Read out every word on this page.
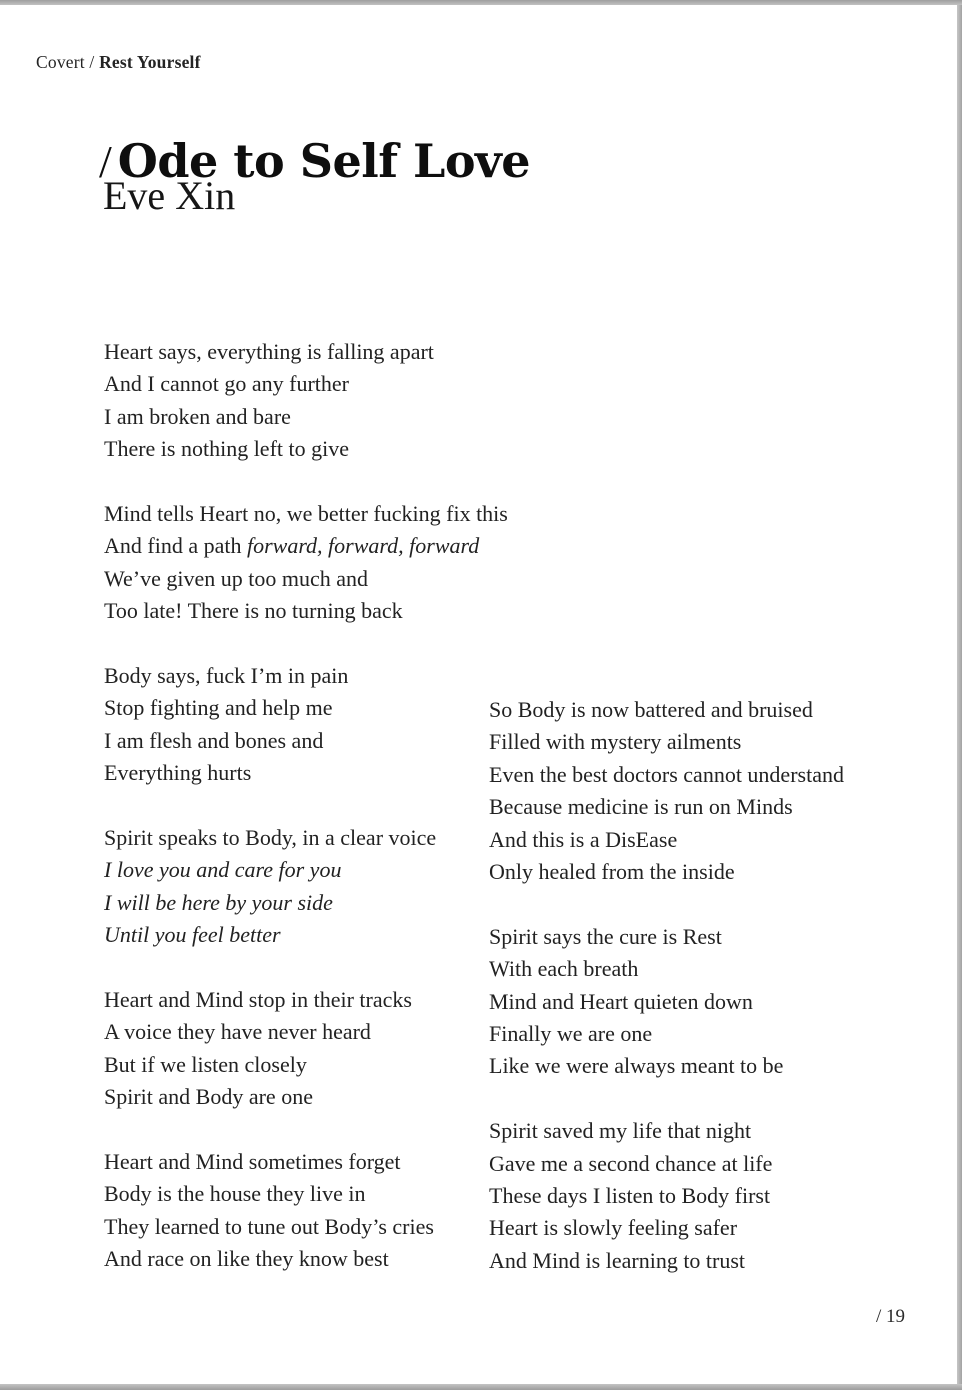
Covert / Rest Yourself
/ Ode to Self Love
Eve Xin

Heart says, everything is falling apart
And I cannot go any further
I am broken and bare
There is nothing left to give

Mind tells Heart no, we better fucking fix this
And find a path forward, forward, forward
We’ve given up too much and
Too late! There is no turning back

Body says, fuck I’m in pain
Stop fighting and help me
I am flesh and bones and
Everything hurts

Spirit speaks to Body, in a clear voice
I love you and care for you
I will be here by your side
Until you feel better

Heart and Mind stop in their tracks
A voice they have never heard
But if we listen closely
Spirit and Body are one

Heart and Mind sometimes forget
Body is the house they live in
They learned to tune out Body’s cries
And race on like they know best

So Body is now battered and bruised
Filled with mystery ailments
Even the best doctors cannot understand
Because medicine is run on Minds
And this is a DisEase
Only healed from the inside

Spirit says the cure is Rest
With each breath
Mind and Heart quieten down
Finally we are one
Like we were always meant to be

Spirit saved my life that night
Gave me a second chance at life
These days I listen to Body first
Heart is slowly feeling safer
And Mind is learning to trust

/ 19
